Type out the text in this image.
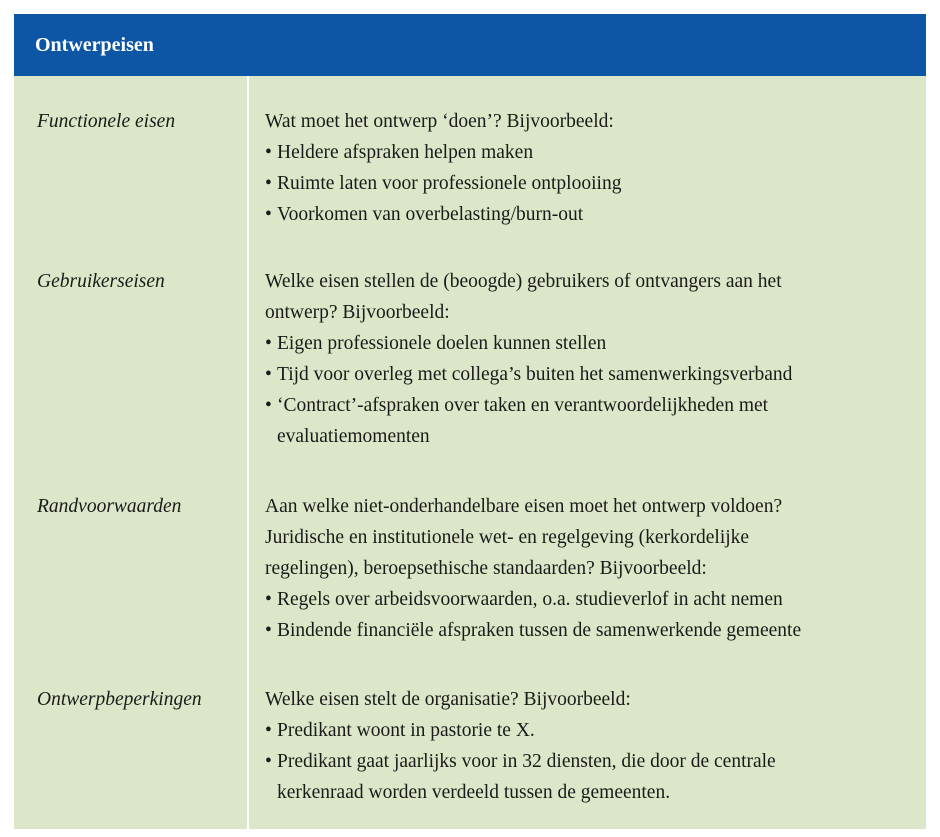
Ontwerpeisen
Functionele eisen	Wat moet het ontwerp ‘doen’? Bijvoorbeeld:
• Heldere afspraken helpen maken
• Ruimte laten voor professionele ontplooiing
• Voorkomen van overbelasting/burn-out
Gebruikerseisen	Welke eisen stellen de (beoogde) gebruikers of ontvangers aan het
ontwerp? Bijvoorbeeld:
• Eigen professionele doelen kunnen stellen
• Tijd voor overleg met collega’s buiten het samenwerkingsverband
• ‘Contract’-afspraken over taken en verantwoordelijkheden met
evaluatiemomenten
Randvoorwaarden	Aan welke niet-onderhandelbare eisen moet het ontwerp voldoen?
Juridische en institutionele wet- en regelgeving (kerkordelijke
regelingen), beroepsethische standaarden? Bijvoorbeeld:
• Regels over arbeidsvoorwaarden, o.a. studieverlof in acht nemen
• Bindende financiële afspraken tussen de samenwerkende gemeente
Ontwerpbeperkingen	Welke eisen stelt de organisatie? Bijvoorbeeld:
• Predikant woont in pastorie te X.
• Predikant gaat jaarlijks voor in 32 diensten, die door de centrale
kerkenraad worden verdeeld tussen de gemeenten.
